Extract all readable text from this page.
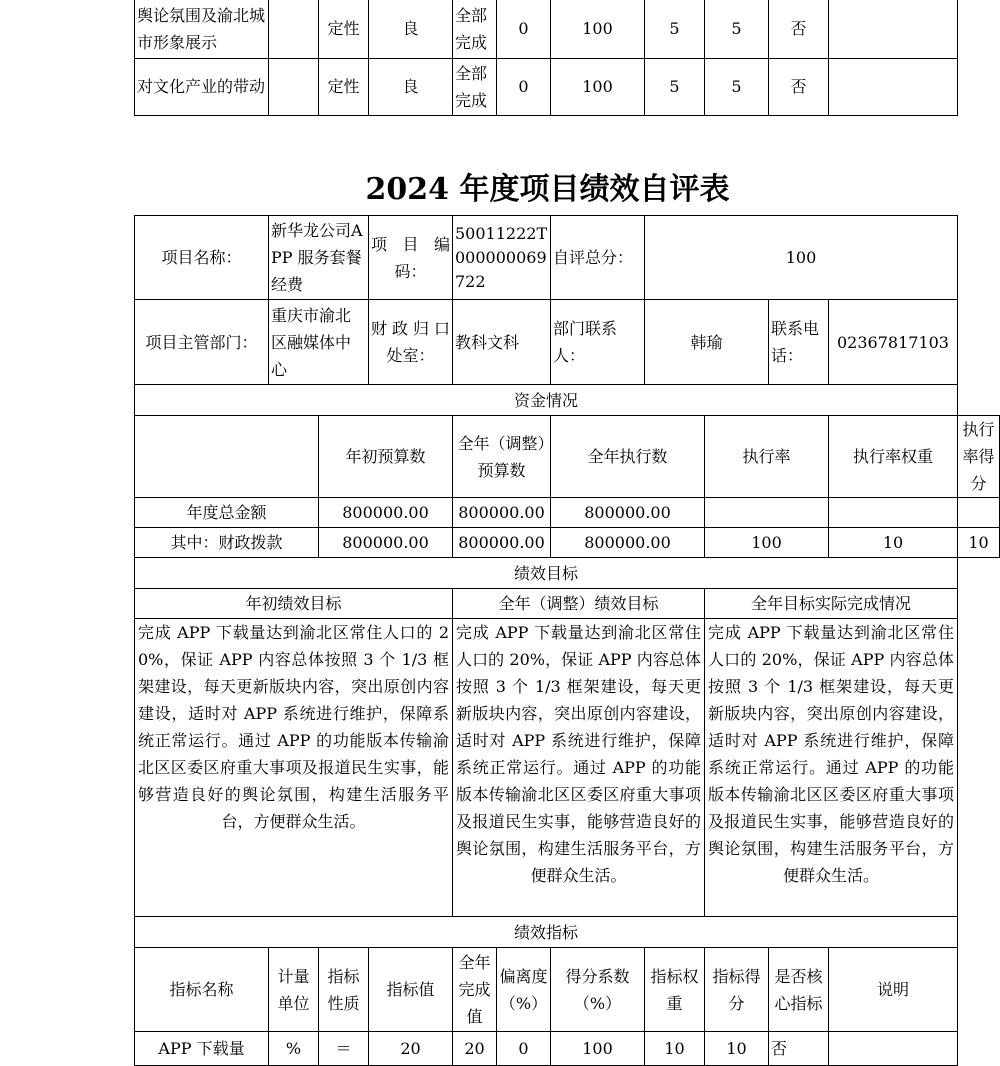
舆论氛围及渝北城市形象展示		定性	良	全部完成	0	100	5	5	否	
对文化产业的带动		定性	良	全部完成	0	100	5	5	否	
2024 年度项目绩效自评表
项目名称：	新华龙公司APP 服务套餐经费		项目编码：	50011222T000000069722		自评总分：	100				
项目主管部门：	重庆市渝北区融媒体中心		财政归口处室：	教科文科		部门联系人：	韩瑜		联系电话：	02367817103	
资金情况											
		年初预算数		全年（调整）预算数		全年执行数		执行率		执行率权重	执行率得分
年度总金额		800000.00		800000.00		800000.00					
其中：财政拨款		800000.00		800000.00		800000.00		100		10	10
绩效目标											
年初绩效目标				全年（调整）绩效目标				全年目标实际完成情况			
完成 APP 下载量达到渝北区常住人口的 20%，保证 APP 内容总体按照 3 个 1/3 框架建设，每天更新版块内容，突出原创内容建设，适时对 APP 系统进行维护，保障系统正常运行。通过 APP 的功能版本传输渝北区区委区府重大事项及报道民生实事，能够营造良好的舆论氛围，构建生活服务平台，方便群众生活。				完成 APP 下载量达到渝北区常住人口的 20%，保证 APP 内容总体按照 3 个 1/3 框架建设，每天更新版块内容，突出原创内容建设，适时对 APP 系统进行维护，保障系统正常运行。通过 APP 的功能版本传输渝北区区委区府重大事项及报道民生实事，能够营造良好的舆论氛围，构建生活服务平台，方便群众生活。				完成 APP 下载量达到渝北区常住人口的 20%，保证 APP 内容总体按照 3 个 1/3 框架建设，每天更新版块内容，突出原创内容建设，适时对 APP 系统进行维护，保障系统正常运行。通过 APP 的功能版本传输渝北区区委区府重大事项及报道民生实事，能够营造良好的舆论氛围，构建生活服务平台，方便群众生活。			
绩效指标											
指标名称	计量单位	指标性质	指标值	全年完成值	偏离度（%）	得分系数（%）	指标权重	指标得分	是否核心指标	说明	
APP 下载量	%	＝	20	20	0	100	10	10	否		
